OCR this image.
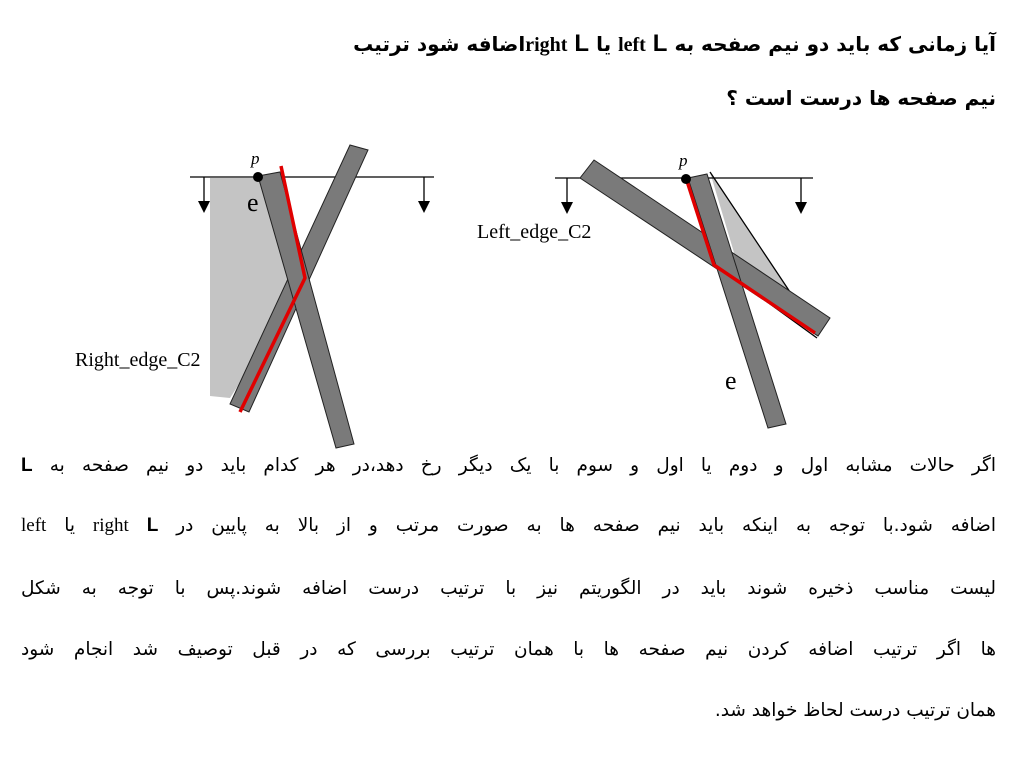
آیا زمانی که باید دو نیم صفحه به left L یا right Lاضافه شود ترتیب
نیم صفحه ها درست است ؟
p
e
Right_edge_C2
p
e
Left_edge_C2
اگر حالات مشابه اول و دوم یا اول و سوم با یک دیگر رخ دهد،در هر کدام باید دو نیم صفحه به L
left یا right L اضافه شود.با توجه به اینکه باید نیم صفحه ها به صورت مرتب و از بالا به پایین در
لیست مناسب ذخیره شوند باید در الگوریتم نیز با ترتیب درست اضافه شوند.پس با توجه به شکل
ها اگر ترتیب اضافه کردن نیم صفحه ها با همان ترتیب بررسی که در قبل توصیف شد انجام شود
همان ترتیب درست لحاظ خواهد شد.
